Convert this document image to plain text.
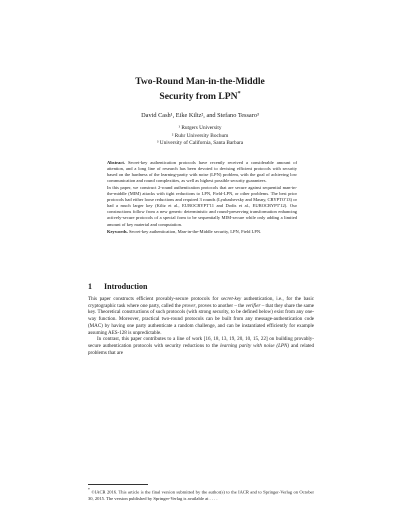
Two-Round Man-in-the-Middle
Security from LPN*
David Cash¹, Eike Kiltz², and Stefano Tessaro³
¹ Rutgers University
² Ruhr University Bochum
³ University of California, Santa Barbara

Abstract. Secret-key authentication protocols have recently received a considerable amount of attention, and a long line of research has been devoted to devising efficient protocols with security based on the hardness of the learning-parity with noise (LPN) problem, with the goal of achieving low communication and round complexities, as well as highest possible security guarantees.

In this paper, we construct 2-round authentication protocols that are secure against sequential man-in-the-middle (MIM) attacks with tight reductions to LPN, Field-LPN, or other problems. The best prior protocols had either loose reductions and required 3 rounds (Lyubashevsky and Masny, CRYPTO'13) or had a much larger key (Kiltz et al., EUROCRYPT'11 and Dodis et al., EUROCRYPT'12). Our constructions follow from a new generic deterministic and round-preserving transformation enhancing actively-secure protocols of a special form to be sequentially MIM-secure while only adding a limited amount of key material and computation.

Keywords. Secret-key authentication, Man-in-the-Middle security, LPN, Field LPN.

1 Introduction

This paper constructs efficient provably-secure protocols for secret-key authentication, i.e., for the basic cryptographic task where one party, called the prover, proves to another – the verifier – that they share the same key. Theoretical constructions of such protocols (with strong security, to be defined below) exist from any one-way function. Moreover, practical two-round protocols can be built from any message-authentication code (MAC) by having one party authenticate a random challenge, and can be instantiated efficiently for example assuming AES-128 is unpredictable.

In contrast, this paper contributes to a line of work [16, 18, 13, 19, 20, 10, 15, 22] on building provably-secure authentication protocols with security reductions to the learning parity with noise (LPN) and related problems that are

* ©IACR 2016. This article is the final version submitted by the author(s) to the IACR and to Springer-Verlag on October 30, 2015. The version published by Springer-Verlag is available at . . . .
